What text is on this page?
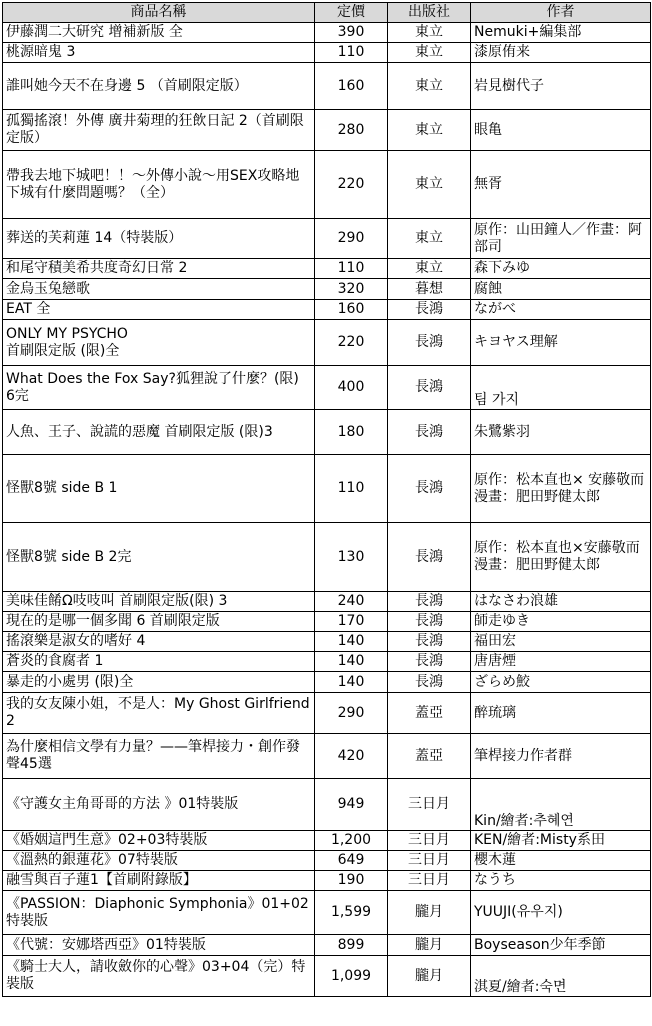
商品名稱	定價	出版社	作者
伊藤潤二大研究 增補新版 全	390	東立	Nemuki+編集部
桃源暗鬼 3	110	東立	漆原侑来
誰叫她今天不在身邊 5 （首刷限定版）	160	東立	岩見樹代子
孤獨搖滾！外傳 廣井菊理的狂飲日記 2（首刷限定版）	280	東立	眼亀
帶我去地下城吧！！～外傳小說～用SEX攻略地下城有什麼問題嗎？（全）	220	東立	無胥
葬送的芙莉蓮 14（特裝版）	290	東立	原作：山田鐘人／作畫：阿部司
和尾守積美希共度奇幻日常 2	110	東立	森下みゆ
金烏玉兔戀歌	320	暮想	腐蝕
EAT 全	160	長鴻	ながべ
ONLY MY PSYCHO
首刷限定版 (限)全	220	長鴻	キヨヤス理解
What Does the Fox Say?狐狸說了什麼？(限) 6完	400	長鴻	팀 가지
人魚、王子、說謊的惡魔 首刷限定版 (限)3	180	長鴻	朱鷺紫羽
怪獸8號 side B 1	110	長鴻	原作：松本直也× 安藤敬而
漫畫：肥田野健太郎
怪獸8號 side B 2完	130	長鴻	原作：松本直也×安藤敬而
漫畫：肥田野健太郎
美味佳餚Ω吱吱叫 首刷限定版(限) 3	240	長鴻	はなさわ浪雄
現在的是哪一個多聞 6 首刷限定版	170	長鴻	師走ゆき
搖滾樂是淑女的嗜好 4	140	長鴻	福田宏
蒼炎的食腐者 1	140	長鴻	唐唐煙
暴走的小處男 (限)全	140	長鴻	ざらめ鮫
我的女友陳小姐，不是人：My Ghost Girlfriend 2	290	蓋亞	醉琉璃
為什麼相信文學有力量？——筆桿接力・創作發聲45選	420	蓋亞	筆桿接力作者群
《守護女主角哥哥的方法 》01特裝版	949	三日月	Kin/繪者:추혜연
《婚姻這門生意》02+03特裝版	1,200	三日月	KEN/繪者:Misty系田
《溫熱的銀蓮花》07特裝版	649	三日月	櫻木蓮
融雪與百子蓮1【首刷附錄版】	190	三日月	なうち
《PASSION：Diaphonic Symphonia》01+02特裝版	1,599	朧月	YUUJI(유우지)
《代號：安娜塔西亞》01特裝版	899	朧月	Boyseason少年季節
《騎士大人，請收斂你的心聲》03+04（完）特裝版	1,099	朧月	淇夏/繪者:숙면
